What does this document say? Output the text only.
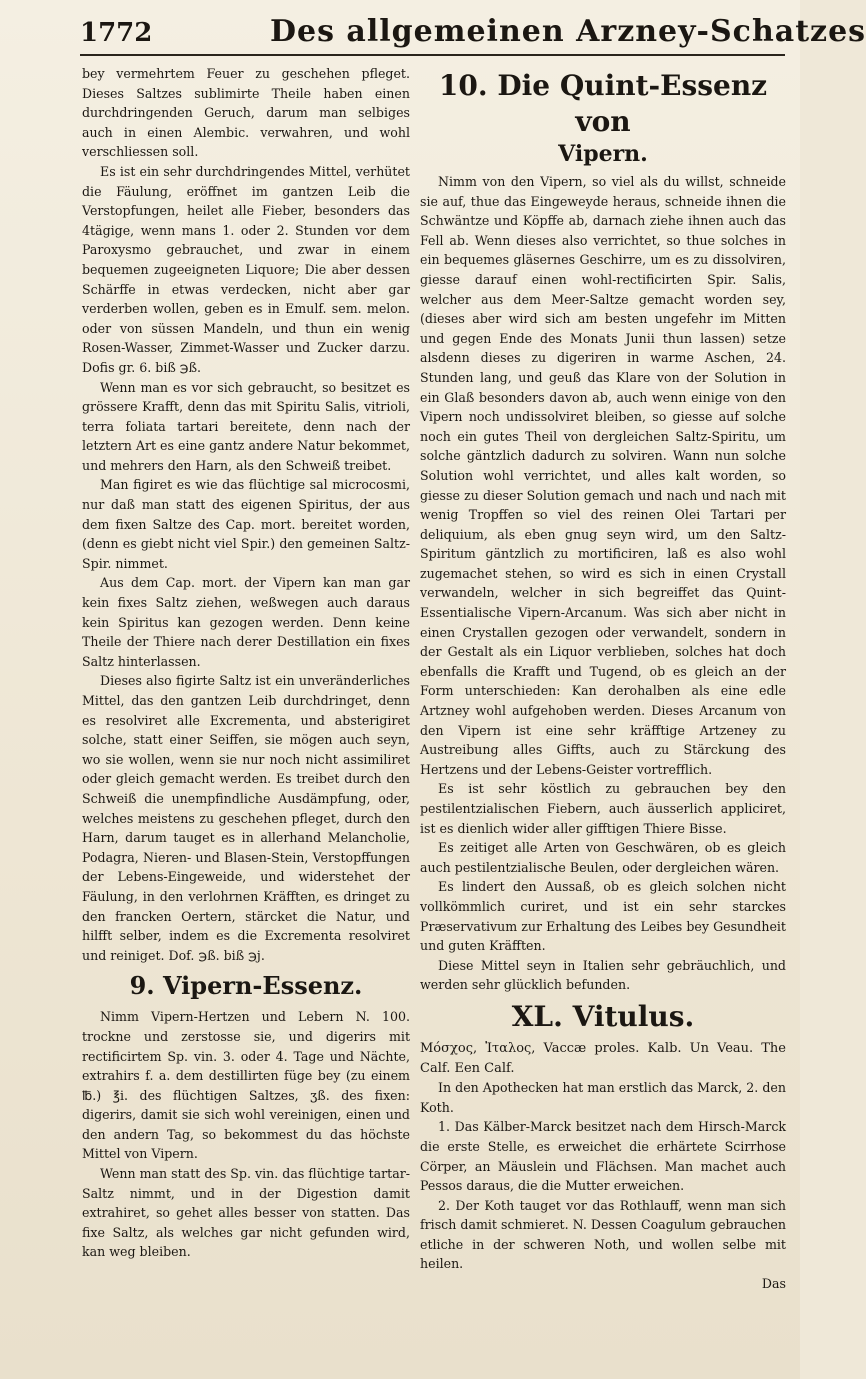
1772	Des allgemeinen Arzney-Schatzes

bey vermehrtem Feuer zu geschehen pfleget. Dieses Saltzes sublimirte Theile haben einen durchdringenden Geruch, darum man selbiges auch in einen Alembic. verwahren, und wohl verschliessen soll.

Es ist ein sehr durchdringendes Mittel, verhütet die Fäulung, eröffnet im gantzen Leib die Verstopfungen, heilet alle Fieber, besonders das 4tägige, wenn mans 1. oder 2. Stunden vor dem Paroxysmo gebrauchet, und zwar in einem bequemen zugeeigneten Liquore; Die aber dessen Schärffe in etwas verdecken, nicht aber gar verderben wollen, geben es in Emulf. sem. melon. oder von süssen Mandeln, und thun ein wenig Rosen-Wasser, Zimmet-Wasser und Zucker darzu. Dofis gr. 6. biß ℈ß.

Wenn man es vor sich gebraucht, so besitzet es grössere Krafft, denn das mit Spiritu Salis, vitrioli, terra foliata tartari bereitete, denn nach der letztern Art es eine gantz andere Natur bekommet, und mehrers den Harn, als den Schweiß treibet.

Man figiret es wie das flüchtige sal microcosmi, nur daß man statt des eigenen Spiritus, der aus dem fixen Saltze des Cap. mort. bereitet worden, (denn es giebt nicht viel Spir.) den gemeinen Saltz-Spir. nimmet.

Aus dem Cap. mort. der Vipern kan man gar kein fixes Saltz ziehen, weßwegen auch daraus kein Spiritus kan gezogen werden. Denn keine Theile der Thiere nach derer Destillation ein fixes Saltz hinterlassen.

Dieses also figirte Saltz ist ein unveränderliches Mittel, das den gantzen Leib durchdringet, denn es resolviret alle Excrementa, und absterigiret solche, statt einer Seiffen, sie mögen auch seyn, wo sie wollen, wenn sie nur noch nicht assimiliret oder gleich gemacht werden. Es treibet durch den Schweiß die unempfindliche Ausdämpfung, oder, welches meistens zu geschehen pfleget, durch den Harn, darum tauget es in allerhand Melancholie, Podagra, Nieren- und Blasen-Stein, Verstopffungen der Lebens-Eingeweide, und widerstehet der Fäulung, in den verlohrnen Kräfften, es dringet zu den francken Oertern, stärcket die Natur, und hilfft selber, indem es die Excrementa resolviret und reiniget. Dof. ℈ß. biß ℈j.

9. Vipern-Essenz.

Nimm Vipern-Hertzen und Lebern N. 100. trockne und zerstosse sie, und digerirs mit rectificirtem Sp. vin. 3. oder 4. Tage und Nächte, extrahirs f. a. dem destillirten füge bey (zu einem ℔.) ℥i. des flüchtigen Saltzes, ʒß. des fixen: digerirs, damit sie sich wohl vereinigen, einen und den andern Tag, so bekommest du das höchste Mittel von Vipern.

Wenn man statt des Sp. vin. das flüchtige tartar-Saltz nimmt, und in der Digestion damit extrahiret, so gehet alles besser von statten. Das fixe Saltz, als welches gar nicht gefunden wird, kan weg bleiben.

10. Die Quint-Essenz von
Vipern.

Nimm von den Vipern, so viel als du willst, schneide sie auf, thue das Eingeweyde heraus, schneide ihnen die Schwäntze und Köpffe ab, darnach ziehe ihnen auch das Fell ab. Wenn dieses also verrichtet, so thue solches in ein bequemes gläsernes Geschirre, um es zu dissolviren, giesse darauf einen wohl-rectificirten Spir. Salis, welcher aus dem Meer-Saltze gemacht worden sey, (dieses aber wird sich am besten ungefehr im Mitten und gegen Ende des Monats Junii thun lassen) setze alsdenn dieses zu digeriren in warme Aschen, 24. Stunden lang, und geuß das Klare von der Solution in ein Glaß besonders davon ab, auch wenn einige von den Vipern noch undissolviret bleiben, so giesse auf solche noch ein gutes Theil von dergleichen Saltz-Spiritu, um solche gäntzlich dadurch zu solviren. Wann nun solche Solution wohl verrichtet, und alles kalt worden, so giesse zu dieser Solution gemach und nach und nach mit wenig Tropffen so viel des reinen Olei Tartari per deliquium, als eben gnug seyn wird, um den Saltz-Spiritum gäntzlich zu mortificiren, laß es also wohl zugemachet stehen, so wird es sich in einen Crystall verwandeln, welcher in sich begreiffet das Quint-Essentialische Vipern-Arcanum. Was sich aber nicht in einen Crystallen gezogen oder verwandelt, sondern in der Gestalt als ein Liquor verblieben, solches hat doch ebenfalls die Krafft und Tugend, ob es gleich an der Form unterschieden: Kan derohalben als eine edle Artzney wohl aufgehoben werden. Dieses Arcanum von den Vipern ist eine sehr kräfftige Artzeney zu Austreibung alles Giffts, auch zu Stärckung des Hertzens und der Lebens-Geister vortrefflich.

Es ist sehr köstlich zu gebrauchen bey den pestilentzialischen Fiebern, auch äusserlich appliciret, ist es dienlich wider aller gifftigen Thiere Bisse.

Es zeitiget alle Arten von Geschwären, ob es gleich auch pestilentzialische Beulen, oder dergleichen wären.

Es lindert den Aussaß, ob es gleich solchen nicht vollkömmlich curiret, und ist ein sehr starckes Præservativum zur Erhaltung des Leibes bey Gesundheit und guten Kräfften.

Diese Mittel seyn in Italien sehr gebräuchlich, und werden sehr glücklich befunden.

XL. Vitulus.

Μόσχος, Ἰταλος, Vaccæ proles. Kalb. Un Veau. The Calf. Een Calf.

In den Apothecken hat man erstlich das Marck, 2. den Koth.

1. Das Kälber-Marck besitzet nach dem Hirsch-Marck die erste Stelle, es erweichet die erhärtete Scirrhose Cörper, an Mäuslein und Flächsen. Man machet auch Pessos daraus, die die Mutter erweichen.

2. Der Koth tauget vor das Rothlauff, wenn man sich frisch damit schmieret. N. Dessen Coagulum gebrauchen etliche in der schweren Noth, und wollen selbe mit heilen.

Das
